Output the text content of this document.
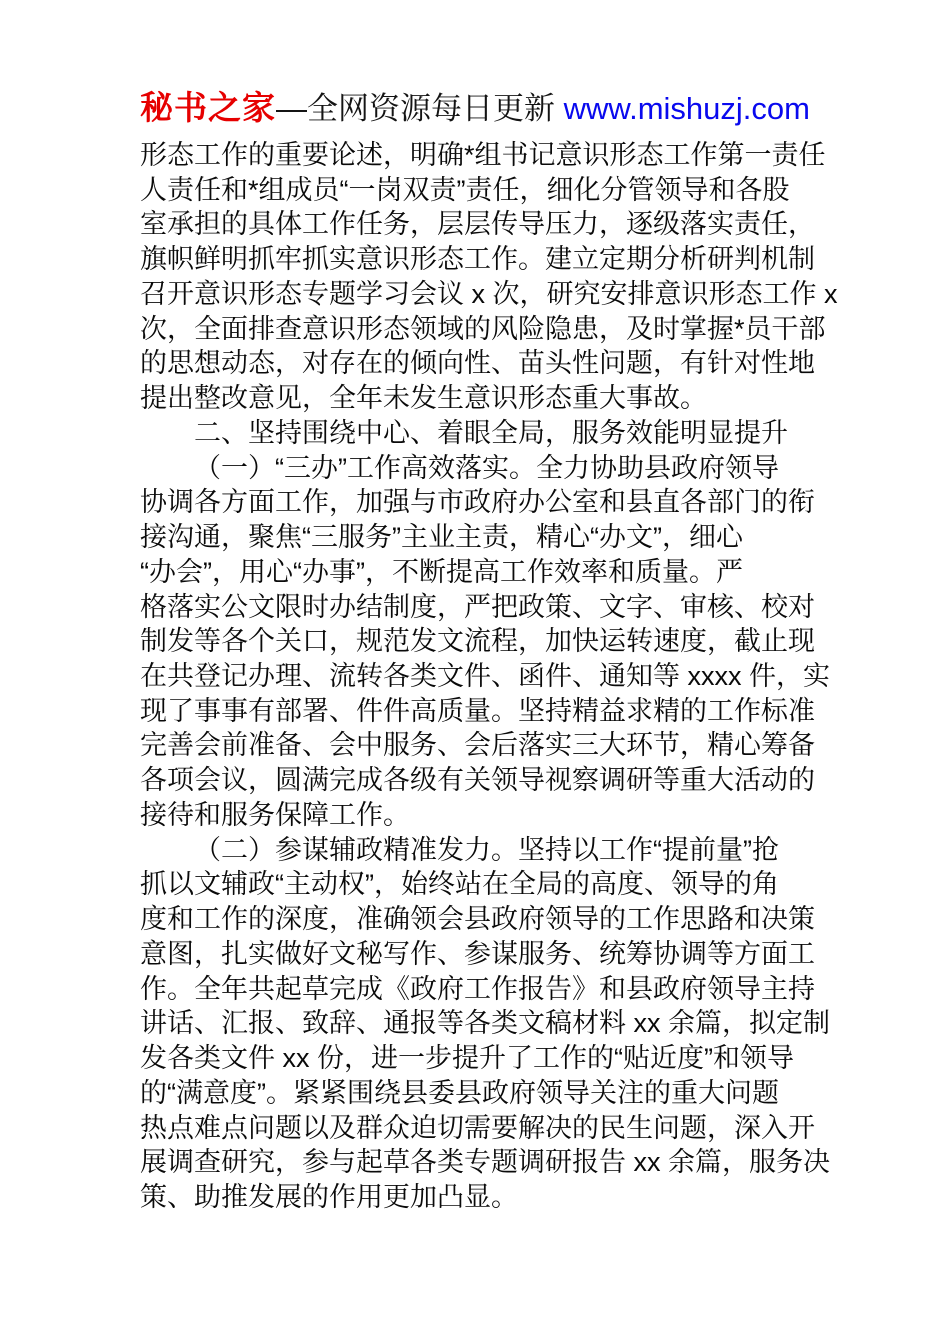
秘书之家—全网资源每日更新 www.mishuzj.com
形态工作的重要论述，明确*组书记意识形态工作第一责任
人责任和*组成员“一岗双责”责任，细化分管领导和各股
室承担的具体工作任务，层层传导压力，逐级落实责任，
旗帜鲜明抓牢抓实意识形态工作。建立定期分析研判机制
召开意识形态专题学习会议 x 次，研究安排意识形态工作 x
次，全面排查意识形态领域的风险隐患，及时掌握*员干部
的思想动态，对存在的倾向性、苗头性问题，有针对性地
提出整改意见，全年未发生意识形态重大事故。
二、坚持围绕中心、着眼全局，服务效能明显提升
（一）“三办”工作高效落实。全力协助县政府领导
协调各方面工作，加强与市政府办公室和县直各部门的衔
接沟通，聚焦“三服务”主业主责，精心“办文”，细心
“办会”，用心“办事”，不断提高工作效率和质量。严
格落实公文限时办结制度，严把政策、文字、审核、校对
制发等各个关口，规范发文流程，加快运转速度，截止现
在共登记办理、流转各类文件、函件、通知等 xxxx 件，实
现了事事有部署、件件高质量。坚持精益求精的工作标准
完善会前准备、会中服务、会后落实三大环节，精心筹备
各项会议，圆满完成各级有关领导视察调研等重大活动的
接待和服务保障工作。
（二）参谋辅政精准发力。坚持以工作“提前量”抢
抓以文辅政“主动权”，始终站在全局的高度、领导的角
度和工作的深度，准确领会县政府领导的工作思路和决策
意图，扎实做好文秘写作、参谋服务、统筹协调等方面工
作。全年共起草完成《政府工作报告》和县政府领导主持
讲话、汇报、致辞、通报等各类文稿材料 xx 余篇，拟定制
发各类文件 xx 份，进一步提升了工作的“贴近度”和领导
的“满意度”。紧紧围绕县委县政府领导关注的重大问题
热点难点问题以及群众迫切需要解决的民生问题，深入开
展调查研究，参与起草各类专题调研报告 xx 余篇，服务决
策、助推发展的作用更加凸显。
